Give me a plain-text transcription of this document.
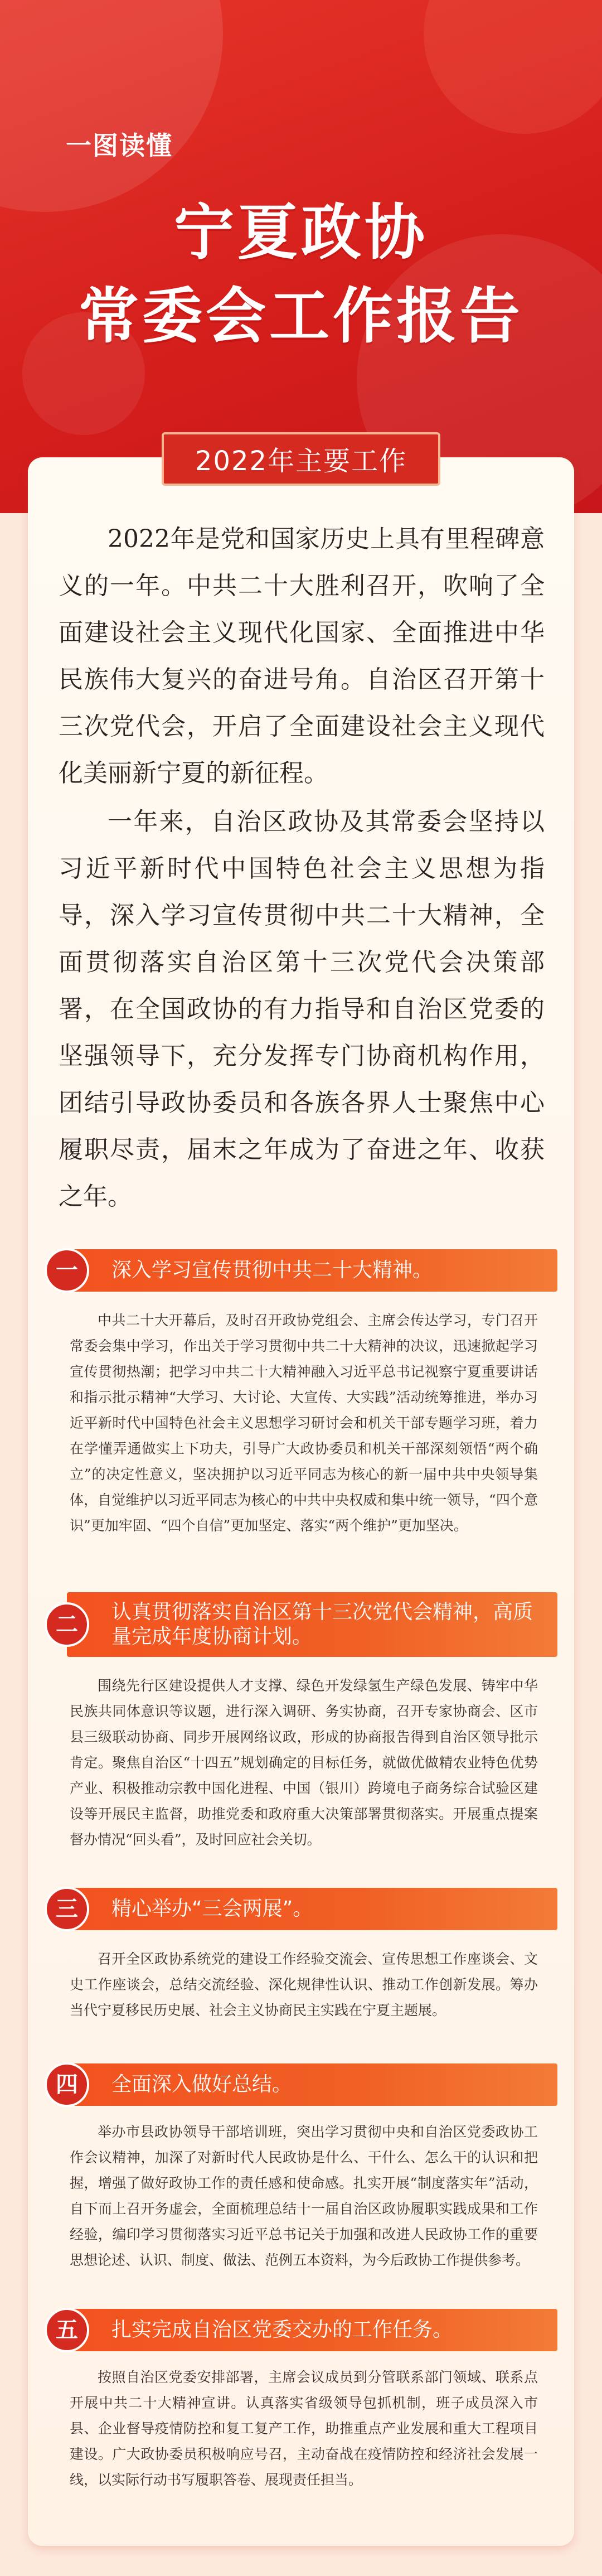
一图读懂
宁夏政协
常委会工作报告
2022年主要工作

2022年是党和国家历史上具有里程碑意义的一年。中共二十大胜利召开，吹响了全面建设社会主义现代化国家、全面推进中华民族伟大复兴的奋进号角。自治区召开第十三次党代会，开启了全面建设社会主义现代化美丽新宁夏的新征程。

一年来，自治区政协及其常委会坚持以习近平新时代中国特色社会主义思想为指导，深入学习宣传贯彻中共二十大精神，全面贯彻落实自治区第十三次党代会决策部署，在全国政协的有力指导和自治区党委的坚强领导下，充分发挥专门协商机构作用，团结引导政协委员和各族各界人士聚焦中心履职尽责，届末之年成为了奋进之年、收获之年。

一	深入学习宣传贯彻中共二十大精神。

中共二十大开幕后，及时召开政协党组会、主席会传达学习，专门召开常委会集中学习，作出关于学习贯彻中共二十大精神的决议，迅速掀起学习宣传贯彻热潮；把学习中共二十大精神融入习近平总书记视察宁夏重要讲话和指示批示精神“大学习、大讨论、大宣传、大实践”活动统筹推进，举办习近平新时代中国特色社会主义思想学习研讨会和机关干部专题学习班，着力在学懂弄通做实上下功夫，引导广大政协委员和机关干部深刻领悟“两个确立”的决定性意义，坚决拥护以习近平同志为核心的新一届中共中央领导集体，自觉维护以习近平同志为核心的中共中央权威和集中统一领导，“四个意识”更加牢固、“四个自信”更加坚定、落实“两个维护”更加坚决。

二	认真贯彻落实自治区第十三次党代会精神，高质量完成年度协商计划。

围绕先行区建设提供人才支撑、绿色开发绿氢生产绿色发展、铸牢中华民族共同体意识等议题，进行深入调研、务实协商，召开专家协商会、区市县三级联动协商、同步开展网络议政，形成的协商报告得到自治区领导批示肯定。聚焦自治区“十四五”规划确定的目标任务，就做优做精农业特色优势产业、积极推动宗教中国化进程、中国（银川）跨境电子商务综合试验区建设等开展民主监督，助推党委和政府重大决策部署贯彻落实。开展重点提案督办情况“回头看”，及时回应社会关切。

三	精心举办“三会两展”。

召开全区政协系统党的建设工作经验交流会、宣传思想工作座谈会、文史工作座谈会，总结交流经验、深化规律性认识、推动工作创新发展。筹办当代宁夏移民历史展、社会主义协商民主实践在宁夏主题展。

四	全面深入做好总结。

举办市县政协领导干部培训班，突出学习贯彻中央和自治区党委政协工作会议精神，加深了对新时代人民政协是什么、干什么、怎么干的认识和把握，增强了做好政协工作的责任感和使命感。扎实开展“制度落实年”活动，自下而上召开务虚会，全面梳理总结十一届自治区政协履职实践成果和工作经验，编印学习贯彻落实习近平总书记关于加强和改进人民政协工作的重要思想论述、认识、制度、做法、范例五本资料，为今后政协工作提供参考。

五	扎实完成自治区党委交办的工作任务。

按照自治区党委安排部署，主席会议成员到分管联系部门领域、联系点开展中共二十大精神宣讲。认真落实省级领导包抓机制，班子成员深入市县、企业督导疫情防控和复工复产工作，助推重点产业发展和重大工程项目建设。广大政协委员积极响应号召，主动奋战在疫情防控和经济社会发展一线，以实际行动书写履职答卷、展现责任担当。
